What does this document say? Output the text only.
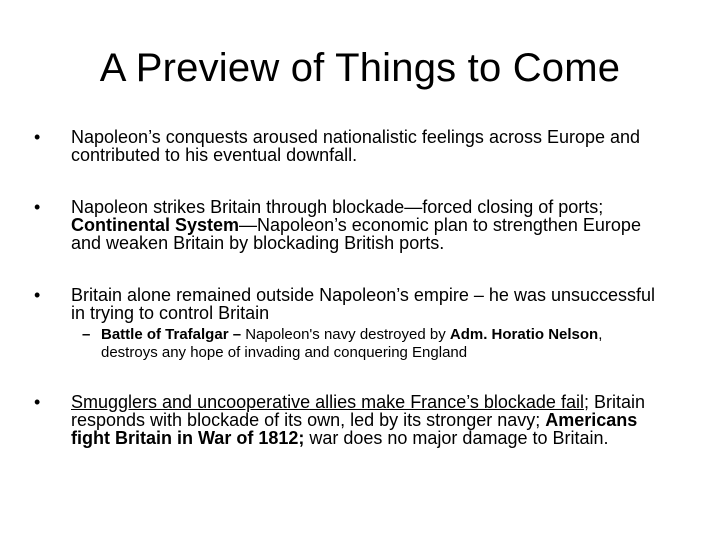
A Preview of Things to Come
• Napoleon’s conquests aroused nationalistic feelings across Europe and contributed to his eventual downfall.
• Napoleon strikes Britain through blockade—forced closing of ports; Continental System—Napoleon’s economic plan to strengthen Europe and weaken Britain by blockading British ports.
• Britain alone remained outside Napoleon’s empire – he was unsuccessful in trying to control Britain
– Battle of Trafalgar – Napoleon's navy destroyed by Adm. Horatio Nelson, destroys any hope of invading and conquering England
• Smugglers and uncooperative allies make France’s blockade fail; Britain responds with blockade of its own, led by its stronger navy; Americans fight Britain in War of 1812; war does no major damage to Britain.
